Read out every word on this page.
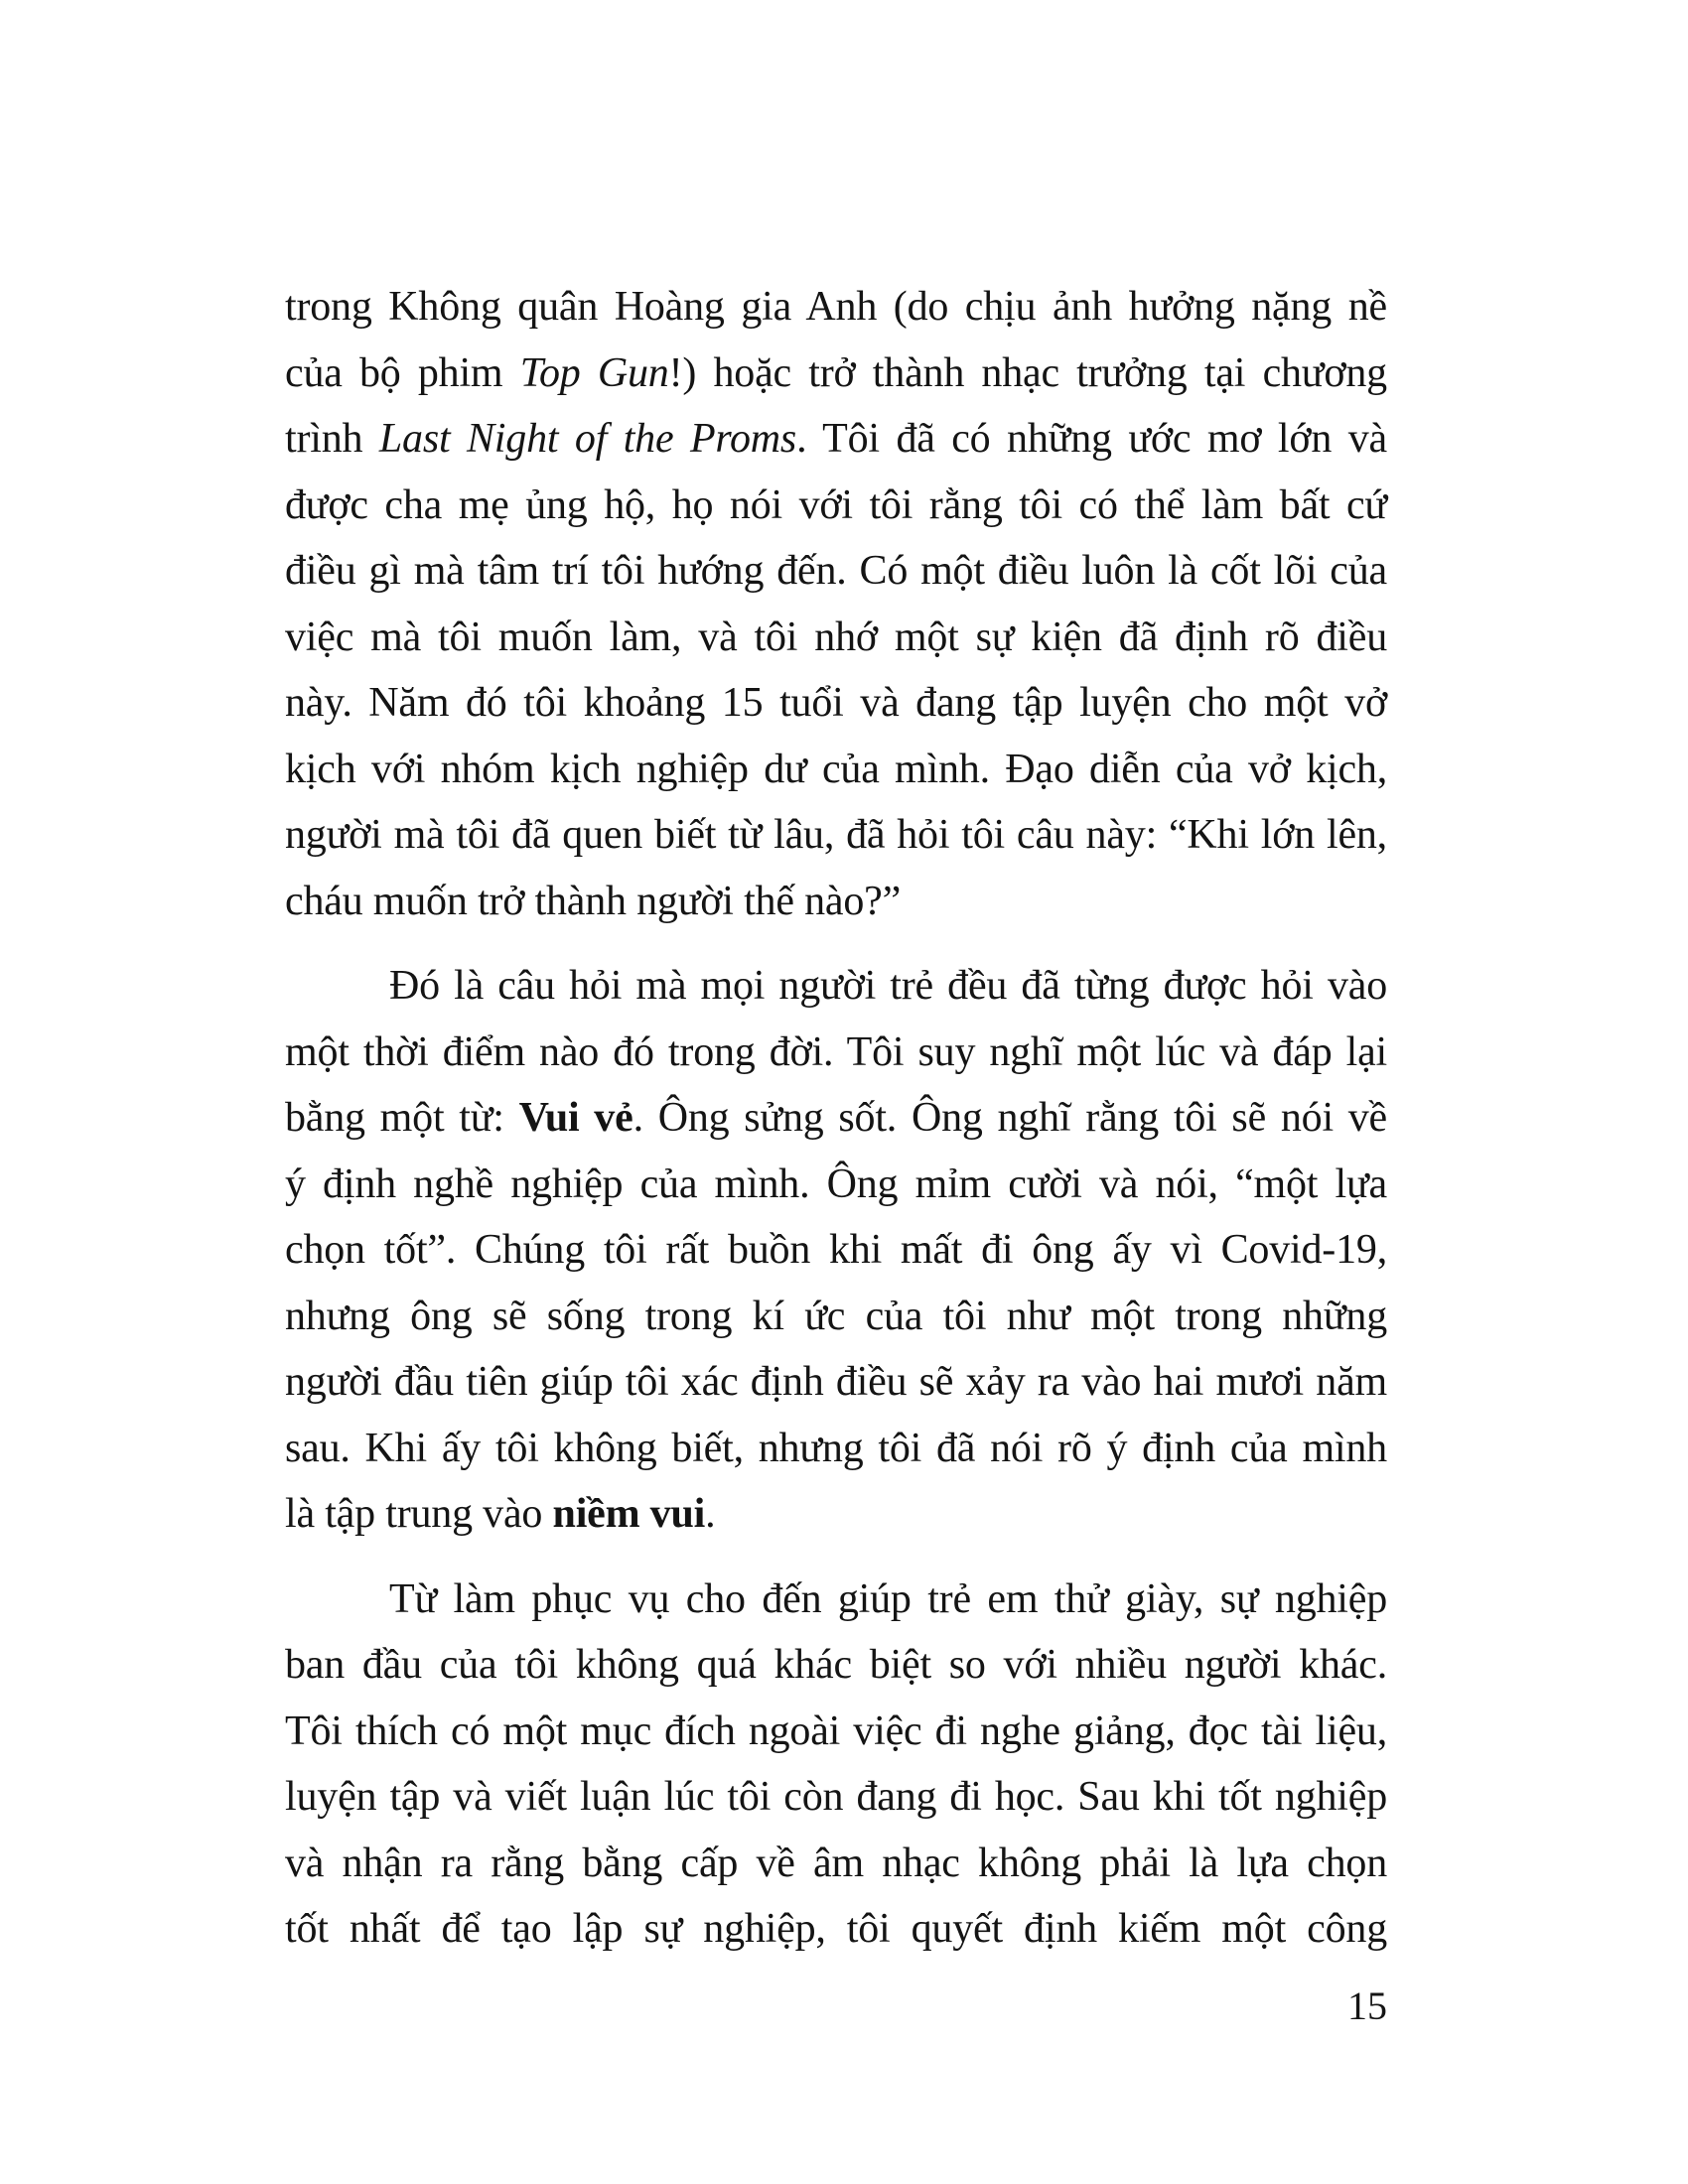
trong Không quân Hoàng gia Anh (do chịu ảnh hưởng nặng nề
của bộ phim Top Gun!) hoặc trở thành nhạc trưởng tại chương
trình Last Night of the Proms. Tôi đã có những ước mơ lớn và
được cha mẹ ủng hộ, họ nói với tôi rằng tôi có thể làm bất cứ
điều gì mà tâm trí tôi hướng đến. Có một điều luôn là cốt lõi của
việc mà tôi muốn làm, và tôi nhớ một sự kiện đã định rõ điều
này. Năm đó tôi khoảng 15 tuổi và đang tập luyện cho một vở
kịch với nhóm kịch nghiệp dư của mình. Đạo diễn của vở kịch,
người mà tôi đã quen biết từ lâu, đã hỏi tôi câu này: “Khi lớn lên,
cháu muốn trở thành người thế nào?”
Đó là câu hỏi mà mọi người trẻ đều đã từng được hỏi vào
một thời điểm nào đó trong đời. Tôi suy nghĩ một lúc và đáp lại
bằng một từ: Vui vẻ. Ông sửng sốt. Ông nghĩ rằng tôi sẽ nói về
ý định nghề nghiệp của mình. Ông mỉm cười và nói, “một lựa
chọn tốt”. Chúng tôi rất buồn khi mất đi ông ấy vì Covid-19,
nhưng ông sẽ sống trong kí ức của tôi như một trong những
người đầu tiên giúp tôi xác định điều sẽ xảy ra vào hai mươi năm
sau. Khi ấy tôi không biết, nhưng tôi đã nói rõ ý định của mình
là tập trung vào niềm vui.
Từ làm phục vụ cho đến giúp trẻ em thử giày, sự nghiệp
ban đầu của tôi không quá khác biệt so với nhiều người khác.
Tôi thích có một mục đích ngoài việc đi nghe giảng, đọc tài liệu,
luyện tập và viết luận lúc tôi còn đang đi học. Sau khi tốt nghiệp
và nhận ra rằng bằng cấp về âm nhạc không phải là lựa chọn
tốt nhất để tạo lập sự nghiệp, tôi quyết định kiếm một công
15
